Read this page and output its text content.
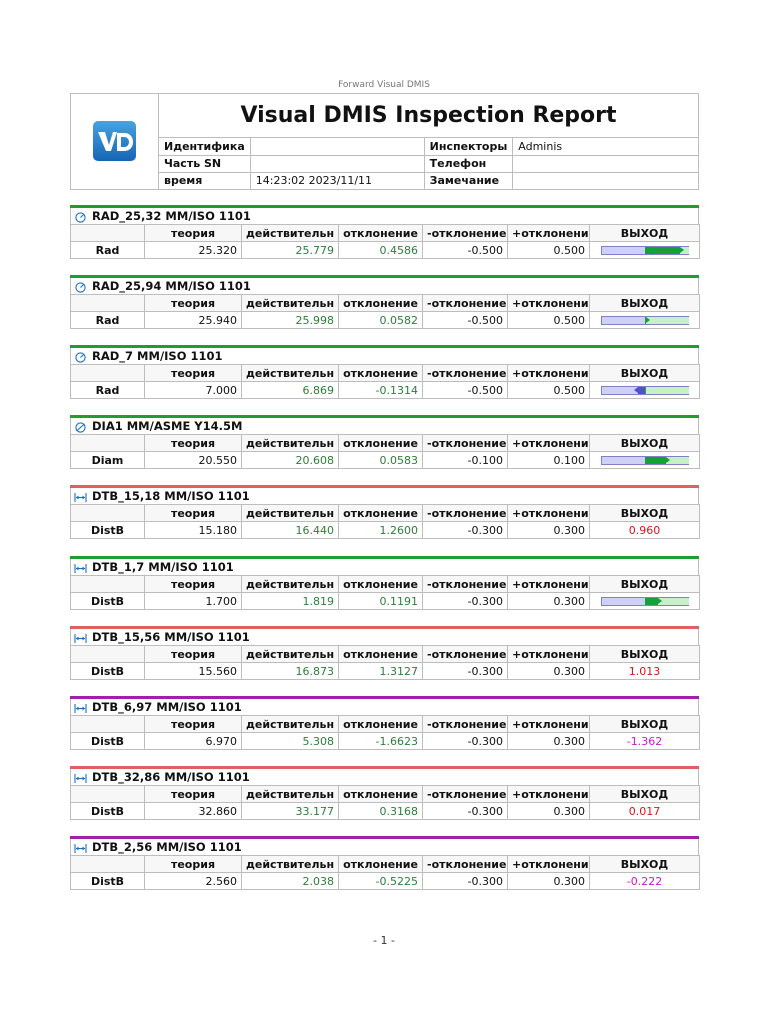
Forward Visual DMIS
Visual DMIS Inspection Report
Идентифика		Инспекторы	Adminis
Часть SN		Телефон	
время	14:23:02 2023/11/11	Замечание	
RAD_25,32 MM/ISO 1101
	теория	действительн	отклонение	-отклонение	+отклонени	ВЫХОД
Rad	25.320	25.779	0.4586	-0.500	0.500	
RAD_25,94 MM/ISO 1101
	теория	действительн	отклонение	-отклонение	+отклонени	ВЫХОД
Rad	25.940	25.998	0.0582	-0.500	0.500	
RAD_7 MM/ISO 1101
	теория	действительн	отклонение	-отклонение	+отклонени	ВЫХОД
Rad	7.000	6.869	-0.1314	-0.500	0.500	
DIA1 MM/ASME Y14.5M
	теория	действительн	отклонение	-отклонение	+отклонени	ВЫХОД
Diam	20.550	20.608	0.0583	-0.100	0.100	
DTB_15,18 MM/ISO 1101
	теория	действительн	отклонение	-отклонение	+отклонени	ВЫХОД
DistB	15.180	16.440	1.2600	-0.300	0.300	0.960
DTB_1,7 MM/ISO 1101
	теория	действительн	отклонение	-отклонение	+отклонени	ВЫХОД
DistB	1.700	1.819	0.1191	-0.300	0.300	
DTB_15,56 MM/ISO 1101
	теория	действительн	отклонение	-отклонение	+отклонени	ВЫХОД
DistB	15.560	16.873	1.3127	-0.300	0.300	1.013
DTB_6,97 MM/ISO 1101
	теория	действительн	отклонение	-отклонение	+отклонени	ВЫХОД
DistB	6.970	5.308	-1.6623	-0.300	0.300	-1.362
DTB_32,86 MM/ISO 1101
	теория	действительн	отклонение	-отклонение	+отклонени	ВЫХОД
DistB	32.860	33.177	0.3168	-0.300	0.300	0.017
DTB_2,56 MM/ISO 1101
	теория	действительн	отклонение	-отклонение	+отклонени	ВЫХОД
DistB	2.560	2.038	-0.5225	-0.300	0.300	-0.222
- 1 -
